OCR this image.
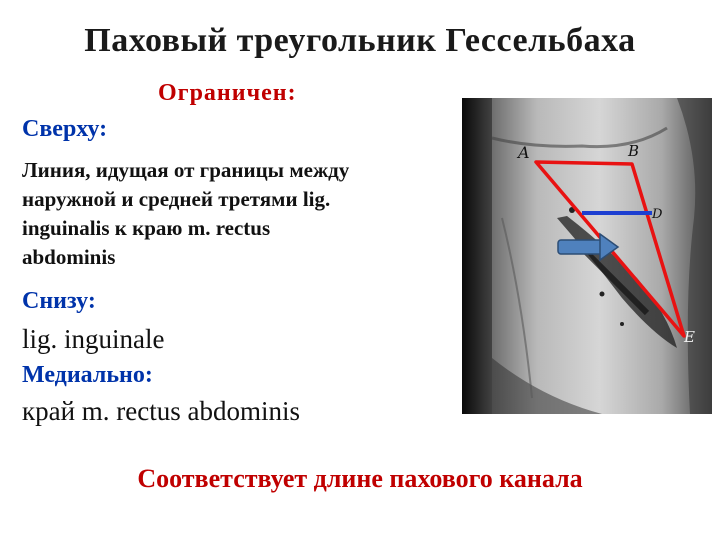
Паховый треугольник Гессельбаха
Ограничен:
Сверху:
Линия, идущая от границы между
наружной и средней третями lig.
inguinalis к краю m. rectus
abdominis
Снизу:
lig. inguinale
Медиально:
край m. rectus abdominis
Соответствует длине пахового канала
A	B
D
E
